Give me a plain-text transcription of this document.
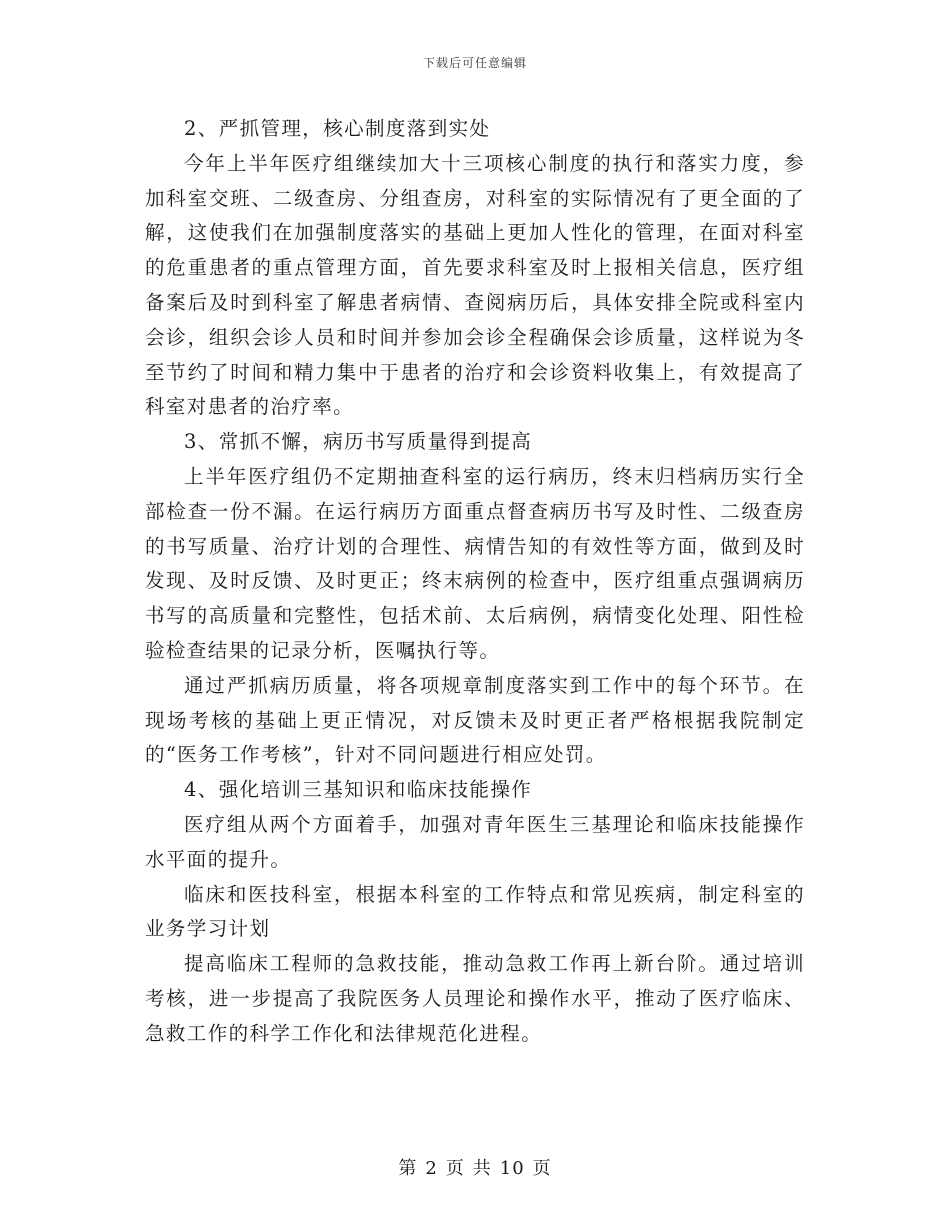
下载后可任意编辑

2、严抓管理，核心制度落到实处

今年上半年医疗组继续加大十三项核心制度的执行和落实力度，参加科室交班、二级查房、分组查房，对科室的实际情况有了更全面的了解，这使我们在加强制度落实的基础上更加人性化的管理，在面对科室的危重患者的重点管理方面，首先要求科室及时上报相关信息，医疗组备案后及时到科室了解患者病情、查阅病历后，具体安排全院或科室内会诊，组织会诊人员和时间并参加会诊全程确保会诊质量，这样说为冬至节约了时间和精力集中于患者的治疗和会诊资料收集上，有效提高了科室对患者的治疗率。

3、常抓不懈，病历书写质量得到提高

上半年医疗组仍不定期抽查科室的运行病历，终末归档病历实行全部检查一份不漏。在运行病历方面重点督查病历书写及时性、二级查房的书写质量、治疗计划的合理性、病情告知的有效性等方面，做到及时发现、及时反馈、及时更正；终末病例的检查中，医疗组重点强调病历书写的高质量和完整性，包括术前、太后病例，病情变化处理、阳性检验检查结果的记录分析，医嘱执行等。

通过严抓病历质量，将各项规章制度落实到工作中的每个环节。在现场考核的基础上更正情况，对反馈未及时更正者严格根据我院制定的“医务工作考核”，针对不同问题进行相应处罚。

4、强化培训三基知识和临床技能操作

医疗组从两个方面着手，加强对青年医生三基理论和临床技能操作水平面的提升。

临床和医技科室，根据本科室的工作特点和常见疾病，制定科室的业务学习计划

提高临床工程师的急救技能，推动急救工作再上新台阶。通过培训考核，进一步提高了我院医务人员理论和操作水平，推动了医疗临床、急救工作的科学工作化和法律规范化进程。

第 2 页 共 10 页
